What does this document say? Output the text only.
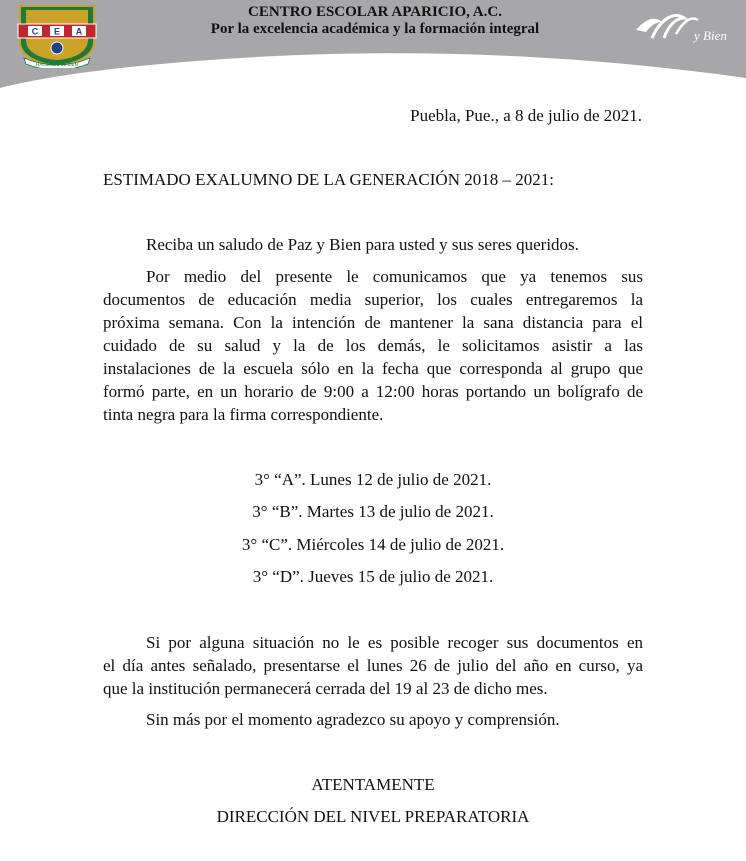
C E A
HACIENDO EL BIEN
CENTRO ESCOLAR APARICIO, A.C.
Por la excelencia académica y la formación integral	y Bien

Puebla, Pue., a 8 de julio de 2021.

ESTIMADO EXALUMNO DE LA GENERACIÓN 2018 – 2021:

Reciba un saludo de Paz y Bien para usted y sus seres queridos.

Por medio del presente le comunicamos que ya tenemos sus
documentos de educación media superior, los cuales entregaremos la
próxima semana. Con la intención de mantener la sana distancia para el
cuidado de su salud y la de los demás, le solicitamos asistir a las
instalaciones de la escuela sólo en la fecha que corresponda al grupo que
formó parte, en un horario de 9:00 a 12:00 horas portando un bolígrafo de
tinta negra para la firma correspondiente.

3° “A”. Lunes 12 de julio de 2021.

3° “B”. Martes 13 de julio de 2021.

3° “C”. Miércoles 14 de julio de 2021.

3° “D”. Jueves 15 de julio de 2021.

Si por alguna situación no le es posible recoger sus documentos en
el día antes señalado, presentarse el lunes 26 de julio del año en curso, ya
que la institución permanecerá cerrada del 19 al 23 de dicho mes.

Sin más por el momento agradezco su apoyo y comprensión.

ATENTAMENTE

DIRECCIÓN DEL NIVEL PREPARATORIA
